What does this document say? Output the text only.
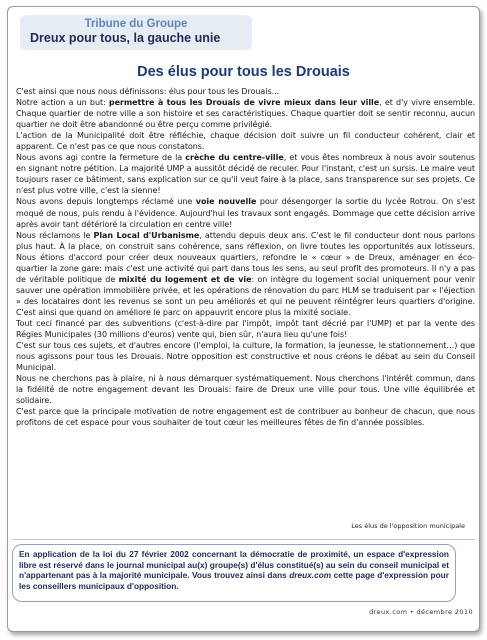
Tribune du Groupe
Dreux pour tous, la gauche unie
Des élus pour tous les Drouais

C'est ainsi que nous nous définissons: élus pour tous les Drouais...

Notre action a un but: permettre à tous les Drouais de vivre mieux dans leur ville, et d'y vivre ensemble. Chaque quartier de notre ville a son histoire et ses caractéristiques. Chaque quartier doit se sentir reconnu, aucun quartier ne doit être abandonné ou être perçu comme privilégié.

L'action de la Municipalité doit être réfléchie, chaque décision doit suivre un fil conducteur cohérent, clair et apparent. Ce n'est pas ce que nous constatons.

Nous avons agi contre la fermeture de la crèche du centre-ville, et vous êtes nombreux à nous avoir soutenus en signant notre pétition. La majorité UMP a aussitôt décidé de reculer. Pour l'instant, c'est un sursis. Le maire veut toujours raser ce bâtiment, sans explication sur ce qu'il veut faire à la place, sans transparence sur ses projets. Ce n'est plus votre ville, c'est la sienne!

Nous avons depuis longtemps réclamé une voie nouvelle pour désengorger la sortie du lycée Rotrou. On s'est moqué de nous, puis rendu à l'évidence. Aujourd'hui les travaux sont engagés. Dommage que cette décision arrive après avoir tant détérioré la circulation en centre ville!

Nous réclamons le Plan Local d'Urbanisme, attendu depuis deux ans. C'est le fil conducteur dont nous parlons plus haut. À la place, on construit sans cohérence, sans réflexion, on livre toutes les opportunités aux lotisseurs. Nous étions d'accord pour créer deux nouveaux quartiers, refondre le « cœur » de Dreux, aménager en éco-quartier la zone gare: mais c'est une activité qui part dans tous les sens, au seul profit des promoteurs. Il n'y a pas de véritable politique de mixité du logement et de vie: on intègre du logement social uniquement pour venir sauver une opération immobilière privée, et les opérations de rénovation du parc HLM se traduisent par « l'éjection » des locataires dont les revenus se sont un peu améliorés et qui ne peuvent réintégrer leurs quartiers d'origine. C'est ainsi que quand on améliore le parc on appauvrit encore plus la mixité sociale.

Tout ceci financé par des subventions (c'est-à-dire par l'impôt, impôt tant décrié par l'UMP) et par la vente des Régies Municipales (30 millions d'euros) vente qui, bien sûr, n'aura lieu qu'une fois!

C'est sur tous ces sujets, et d'autres encore (l'emploi, la culture, la formation, la jeunesse, le stationnement…) que nous agissons pour tous les Drouais. Notre opposition est constructive et nous créons le débat au sein du Conseil Municipal.

Nous ne cherchons pas à plaire, ni à nous démarquer systématiquement. Nous cherchons l'intérêt commun, dans la fidélité de notre engagement devant les Drouais: faire de Dreux une ville pour tous. Une ville équilibrée et solidaire.

C'est parce que la principale motivation de notre engagement est de contribuer au bonheur de chacun, que nous profitons de cet espace pour vous souhaiter de tout cœur les meilleures fêtes de fin d'année possibles.

Les élus de l'opposition municipale
En application de la loi du 27 février 2002 concernant la démocratie de proximité, un espace d'expression libre est réservé dans le journal municipal au(x) groupe(s) d'élus constitué(s) au sein du conseil municipal et n'appartenant pas à la majorité municipale. Vous trouvez ainsi dans dreux.com cette page d'expression pour les conseillers municipaux d'opposition.
dreux.com • décembre 2010
